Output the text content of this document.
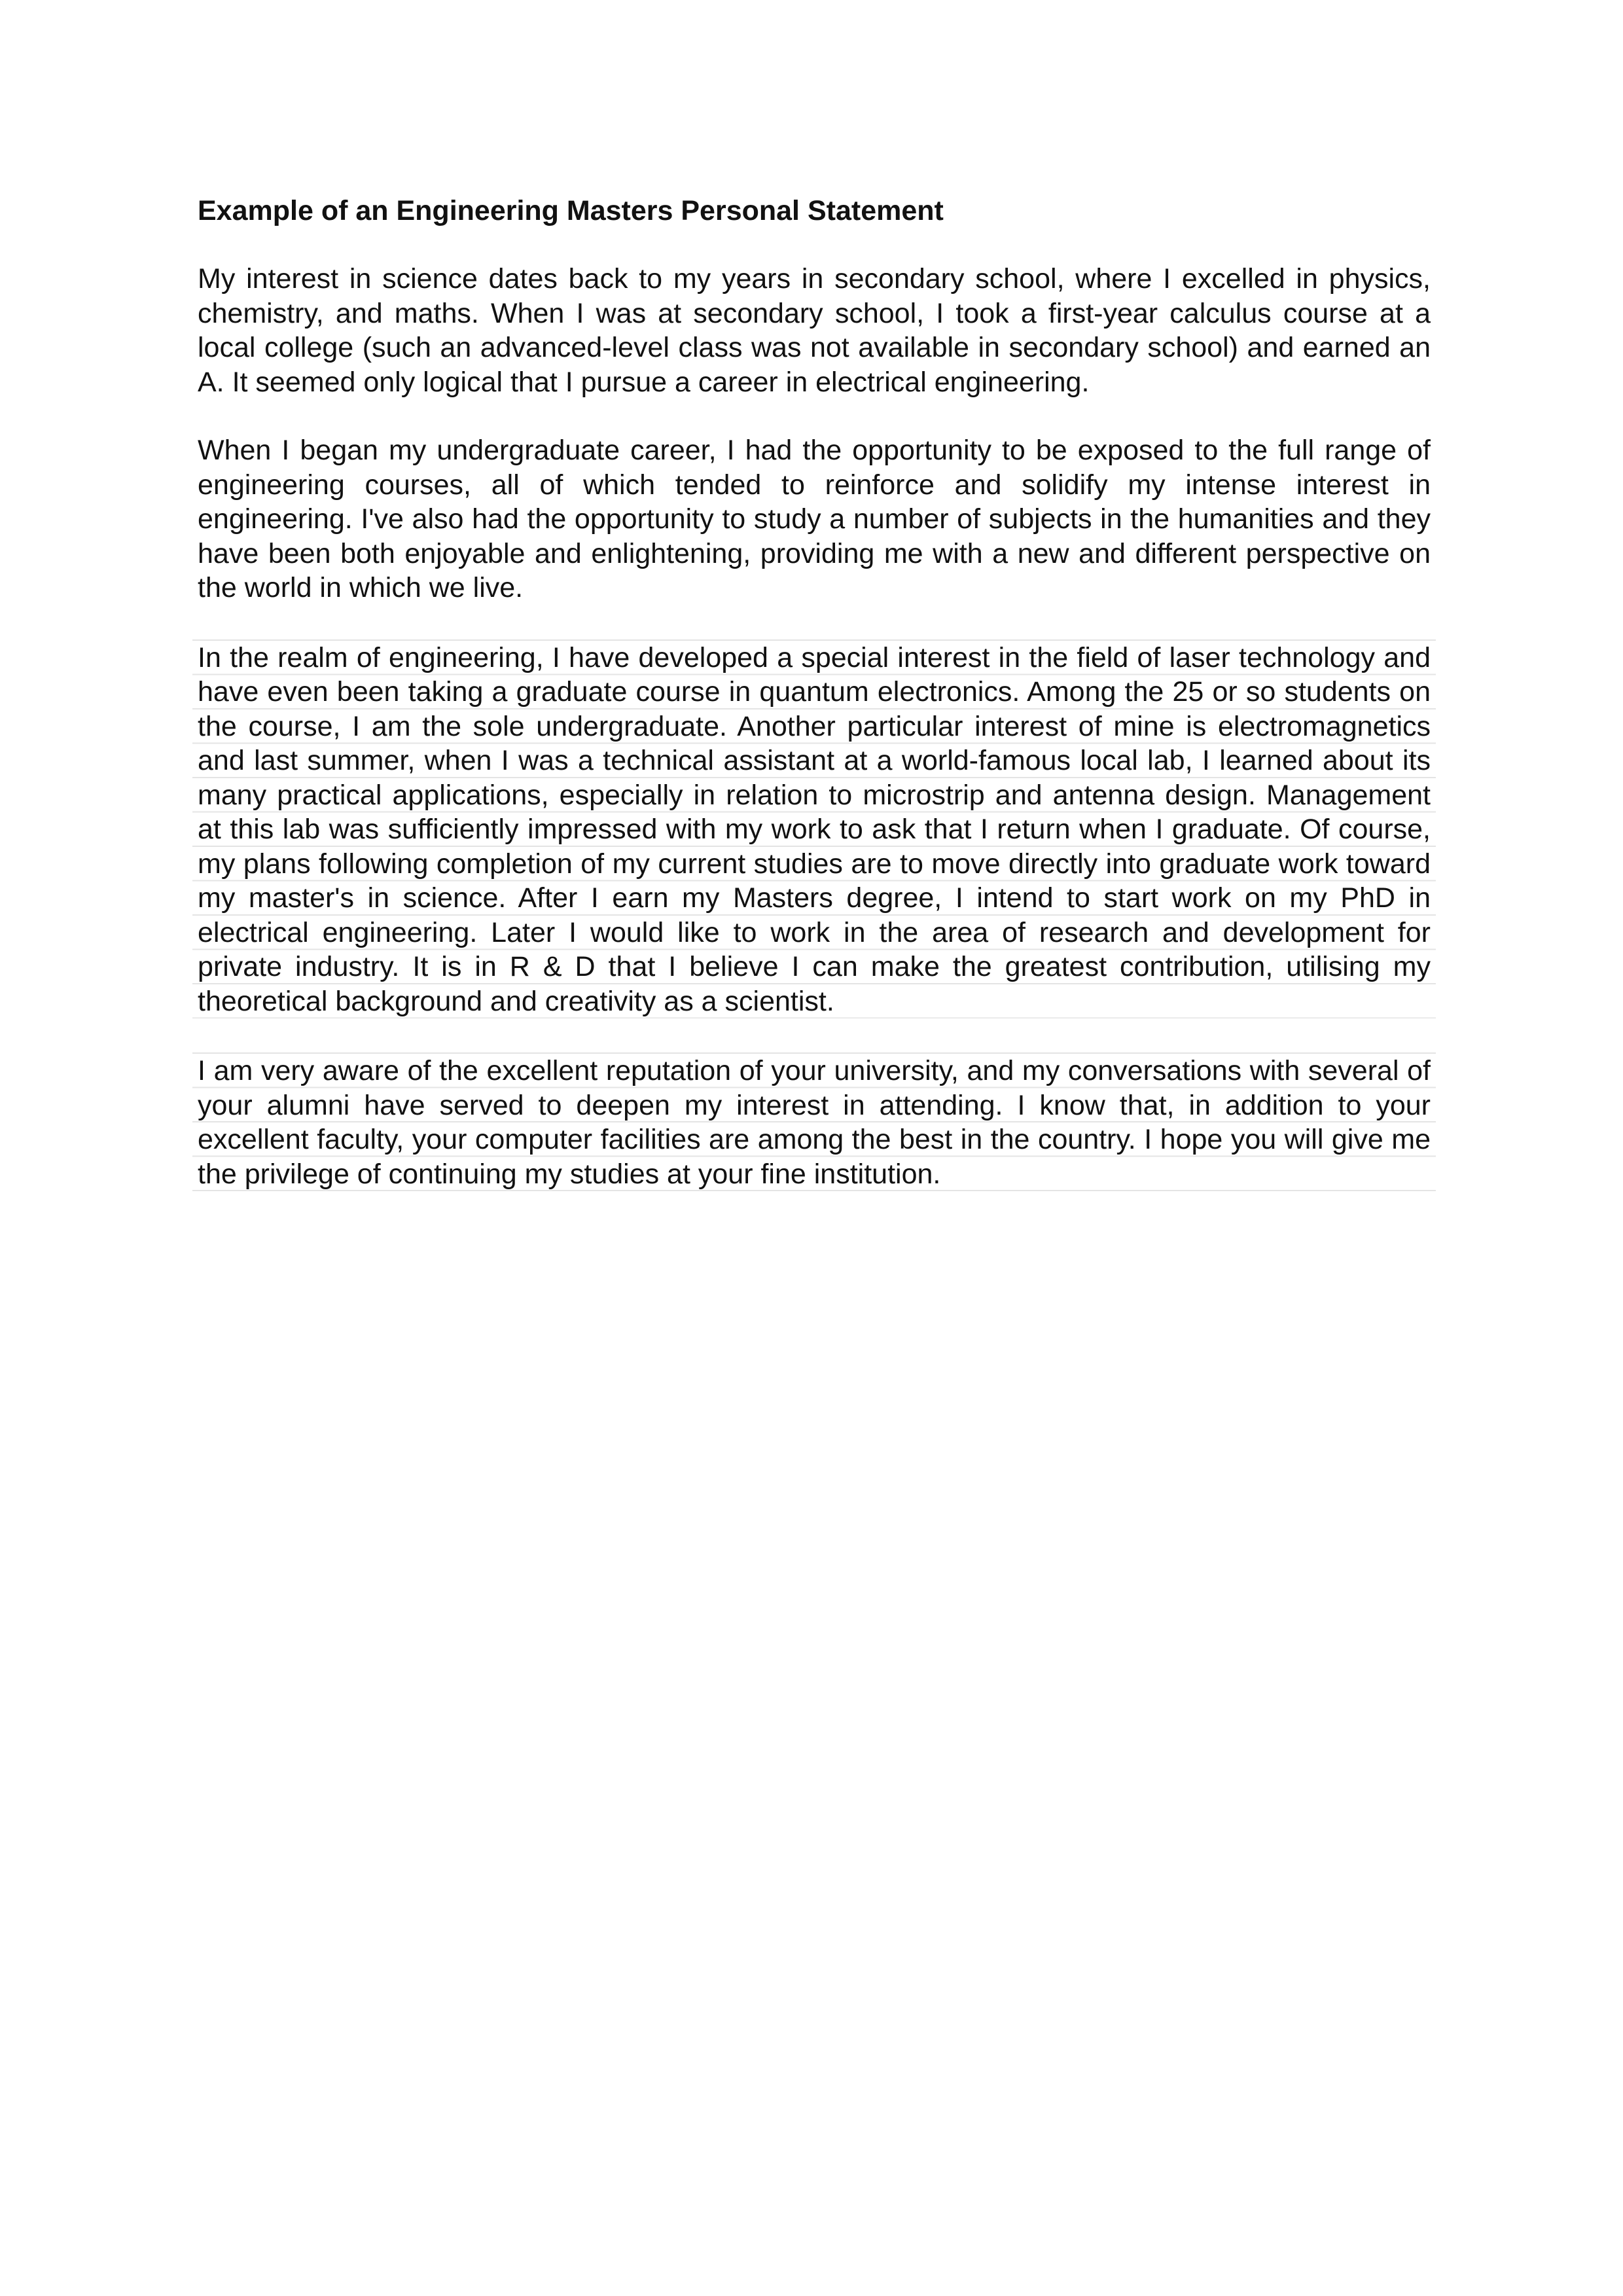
Example of an Engineering Masters Personal Statement

My interest in science dates back to my years in secondary school, where I excelled in physics, chemistry, and maths. When I was at secondary school, I took a first-year calculus course at a local college (such an advanced-level class was not available in secondary school) and earned an A. It seemed only logical that I pursue a career in electrical engineering.

When I began my undergraduate career, I had the opportunity to be exposed to the full range of engineering courses, all of which tended to reinforce and solidify my intense interest in engineering. I've also had the opportunity to study a number of subjects in the humanities and they have been both enjoyable and enlightening, providing me with a new and different perspective on the world in which we live.

In the realm of engineering, I have developed a special interest in the field of laser technology and have even been taking a graduate course in quantum electronics. Among the 25 or so students on the course, I am the sole undergraduate. Another particular interest of mine is electromagnetics and last summer, when I was a technical assistant at a world-famous local lab, I learned about its many practical applications, especially in relation to microstrip and antenna design. Management at this lab was sufficiently impressed with my work to ask that I return when I graduate. Of course, my plans following completion of my current studies are to move directly into graduate work toward my master's in science. After I earn my Masters degree, I intend to start work on my PhD in electrical engineering. Later I would like to work in the area of research and development for private industry. It is in R & D that I believe I can make the greatest contribution, utilising my theoretical background and creativity as a scientist.

I am very aware of the excellent reputation of your university, and my conversations with several of your alumni have served to deepen my interest in attending. I know that, in addition to your excellent faculty, your computer facilities are among the best in the country. I hope you will give me the privilege of continuing my studies at your fine institution.
